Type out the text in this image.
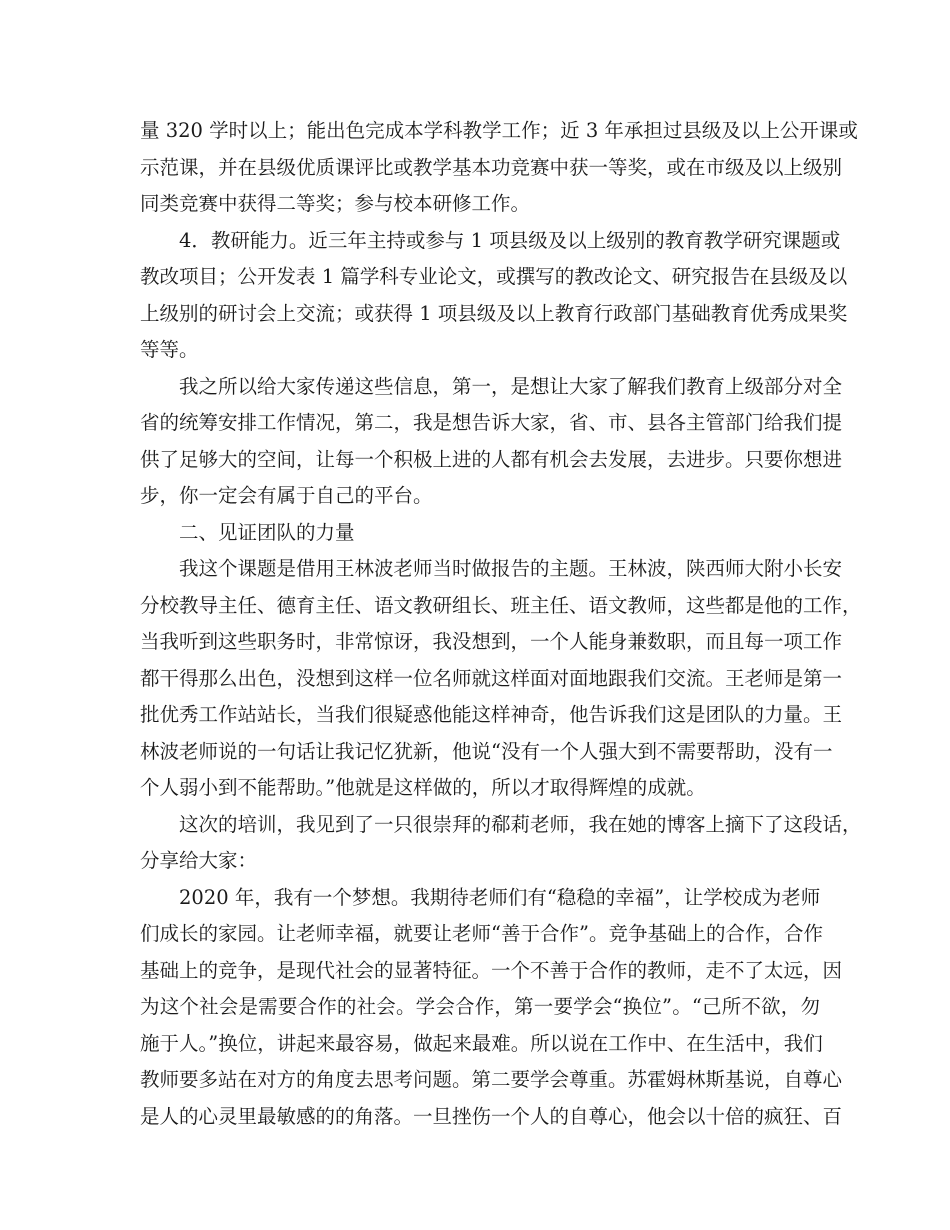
量 320 学时以上；能出色完成本学科教学工作；近 3 年承担过县级及以上公开课或
示范课，并在县级优质课评比或教学基本功竞赛中获一等奖，或在市级及以上级别
同类竞赛中获得二等奖；参与校本研修工作。
4．教研能力。近三年主持或参与 1 项县级及以上级别的教育教学研究课题或
教改项目；公开发表 1 篇学科专业论文，或撰写的教改论文、研究报告在县级及以
上级别的研讨会上交流；或获得 1 项县级及以上教育行政部门基础教育优秀成果奖
等等。
我之所以给大家传递这些信息，第一，是想让大家了解我们教育上级部分对全
省的统筹安排工作情况，第二，我是想告诉大家，省、市、县各主管部门给我们提
供了足够大的空间，让每一个积极上进的人都有机会去发展，去进步。只要你想进
步，你一定会有属于自己的平台。
二、见证团队的力量
我这个课题是借用王林波老师当时做报告的主题。王林波，陕西师大附小长安
分校教导主任、德育主任、语文教研组长、班主任、语文教师，这些都是他的工作，
当我听到这些职务时，非常惊讶，我没想到，一个人能身兼数职，而且每一项工作
都干得那么出色，没想到这样一位名师就这样面对面地跟我们交流。王老师是第一
批优秀工作站站长，当我们很疑惑他能这样神奇，他告诉我们这是团队的力量。王
林波老师说的一句话让我记忆犹新，他说“没有一个人强大到不需要帮助，没有一
个人弱小到不能帮助。”他就是这样做的，所以才取得辉煌的成就。
这次的培训，我见到了一只很崇拜的郗莉老师，我在她的博客上摘下了这段话，
分享给大家：
2020 年，我有一个梦想。我期待老师们有“稳稳的幸福”，让学校成为老师
们成长的家园。让老师幸福，就要让老师“善于合作”。竞争基础上的合作，合作
基础上的竞争，是现代社会的显著特征。一个不善于合作的教师，走不了太远，因
为这个社会是需要合作的社会。学会合作，第一要学会“换位”。“己所不欲，勿
施于人。”换位，讲起来最容易，做起来最难。所以说在工作中、在生活中，我们
教师要多站在对方的角度去思考问题。第二要学会尊重。苏霍姆林斯基说，自尊心
是人的心灵里最敏感的的角落。一旦挫伤一个人的自尊心，他会以十倍的疯狂、百
